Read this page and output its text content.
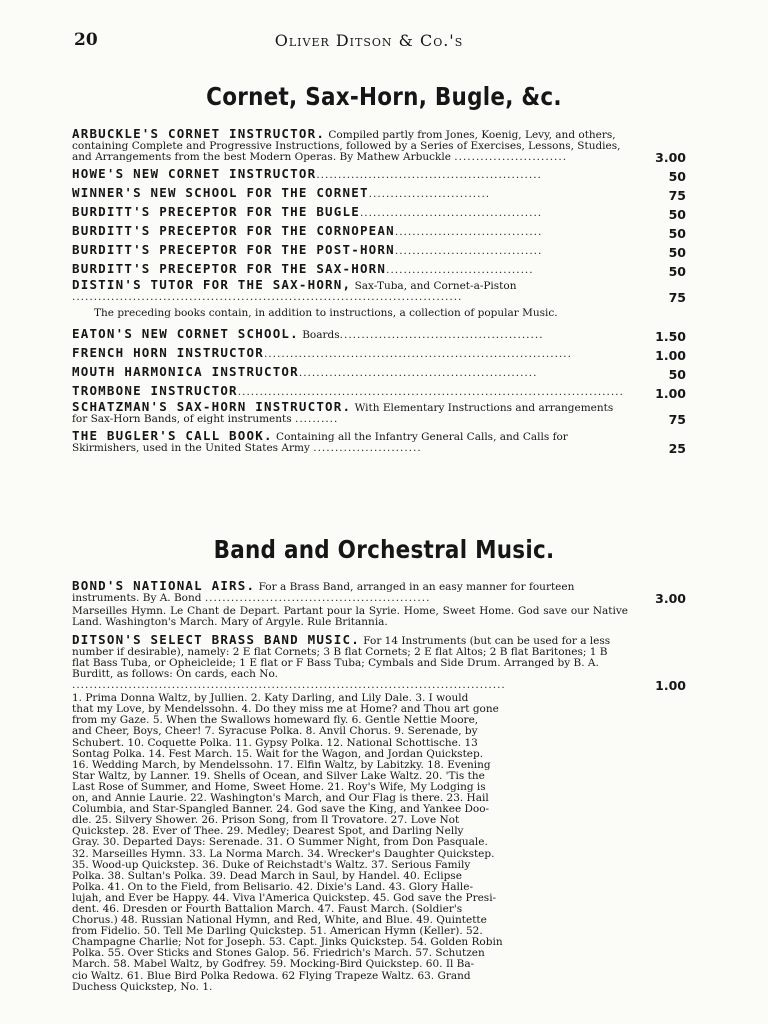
20	Oliver Ditson & Co.'s
Cornet, Sax-Horn, Bugle, &c.
ARBUCKLE'S CORNET INSTRUCTOR. Compiled partly from Jones, Koenig, Levy, and others, containing Complete and Progressive Instructions, followed by a Series of Exercises, Lessons, Studies, and Arrangements from the best Modern Operas. By Mathew Arbuckle ..........................	3.00
HOWE'S NEW CORNET INSTRUCTOR....................................................	50
WINNER'S NEW SCHOOL FOR THE CORNET............................	75
BURDITT'S PRECEPTOR FOR THE BUGLE..........................................	50
BURDITT'S PRECEPTOR FOR THE CORNOPEAN..................................	50
BURDITT'S PRECEPTOR FOR THE POST-HORN..................................	50
BURDITT'S PRECEPTOR FOR THE SAX-HORN..................................	50
DISTIN'S TUTOR FOR THE SAX-HORN, Sax-Tuba, and Cornet-a-Piston ..........................................................................................	75
The preceding books contain, in addition to instructions, a collection of popular Music.
EATON'S NEW CORNET SCHOOL. Boards...............................................	1.50
FRENCH HORN INSTRUCTOR.......................................................................	1.00
MOUTH HARMONICA INSTRUCTOR.......................................................	50
TROMBONE INSTRUCTOR.........................................................................................	1.00
SCHATZMAN'S SAX-HORN INSTRUCTOR. With Elementary Instructions and arrangements for Sax-Horn Bands, of eight instruments ..........	75
THE BUGLER'S CALL BOOK. Containing all the Infantry General Calls, and Calls for Skirmishers, used in the United States Army .........................	25
Band and Orchestral Music.
BOND'S NATIONAL AIRS. For a Brass Band, arranged in an easy manner for fourteen instruments. By A. Bond ....................................................	3.00
Marseilles Hymn. Le Chant de Depart. Partant pour la Syrie. Home, Sweet Home. God save our Native Land. Washington's March. Mary of Argyle. Rule Britannia.
DITSON'S SELECT BRASS BAND MUSIC. For 14 Instruments (but can be used for a less number if desirable), namely: 2 E flat Cornets; 3 B flat Cornets; 2 E flat Altos; 2 B flat Baritones; 1 B flat Bass Tuba, or Opheicleide; 1 E flat or F Bass Tuba; Cymbals and Side Drum. Arranged by B. A. Burditt, as follows: On cards, each No. ....................................................................................................	1.00

1. Prima Donna Waltz, by Jullien. 2. Katy Darling, and Lily Dale. 3. I would

that my Love, by Mendelssohn. 4. Do they miss me at Home? and Thou art gone

from my Gaze. 5. When the Swallows homeward fly. 6. Gentle Nettie Moore,

and Cheer, Boys, Cheer! 7. Syracuse Polka. 8. Anvil Chorus. 9. Serenade, by

Schubert. 10. Coquette Polka. 11. Gypsy Polka. 12. National Schottische. 13

Sontag Polka. 14. Fest March. 15. Wait for the Wagon, and Jordan Quickstep.

16. Wedding March, by Mendelssohn. 17. Elfin Waltz, by Labitzky. 18. Evening

Star Waltz, by Lanner. 19. Shells of Ocean, and Silver Lake Waltz. 20. 'Tis the

Last Rose of Summer, and Home, Sweet Home. 21. Roy's Wife, My Lodging is

on, and Annie Laurie. 22. Washington's March, and Our Flag is there. 23. Hail

Columbia, and Star-Spangled Banner. 24. God save the King, and Yankee Doo-

dle. 25. Silvery Shower. 26. Prison Song, from Il Trovatore. 27. Love Not

Quickstep. 28. Ever of Thee. 29. Medley; Dearest Spot, and Darling Nelly

Gray. 30. Departed Days: Serenade. 31. O Summer Night, from Don Pasquale.

32. Marseilles Hymn. 33. La Norma March. 34. Wrecker's Daughter Quickstep.

35. Wood-up Quickstep. 36. Duke of Reichstadt's Waltz. 37. Serious Family

Polka. 38. Sultan's Polka. 39. Dead March in Saul, by Handel. 40. Eclipse

Polka. 41. On to the Field, from Belisario. 42. Dixie's Land. 43. Glory Halle-

lujah, and Ever be Happy. 44. Viva l'America Quickstep. 45. God save the Presi-

dent. 46. Dresden or Fourth Battalion March. 47. Faust March. (Soldier's

Chorus.) 48. Russian National Hymn, and Red, White, and Blue. 49. Quintette

from Fidelio. 50. Tell Me Darling Quickstep. 51. American Hymn (Keller). 52.

Champagne Charlie; Not for Joseph. 53. Capt. Jinks Quickstep. 54. Golden Robin

Polka. 55. Over Sticks and Stones Galop. 56. Friedrich's March. 57. Schutzen

March. 58. Mabel Waltz, by Godfrey. 59. Mocking-Bird Quickstep. 60. Il Ba-

cio Waltz. 61. Blue Bird Polka Redowa. 62 Flying Trapeze Waltz. 63. Grand

Duchess Quickstep, No. 1.
